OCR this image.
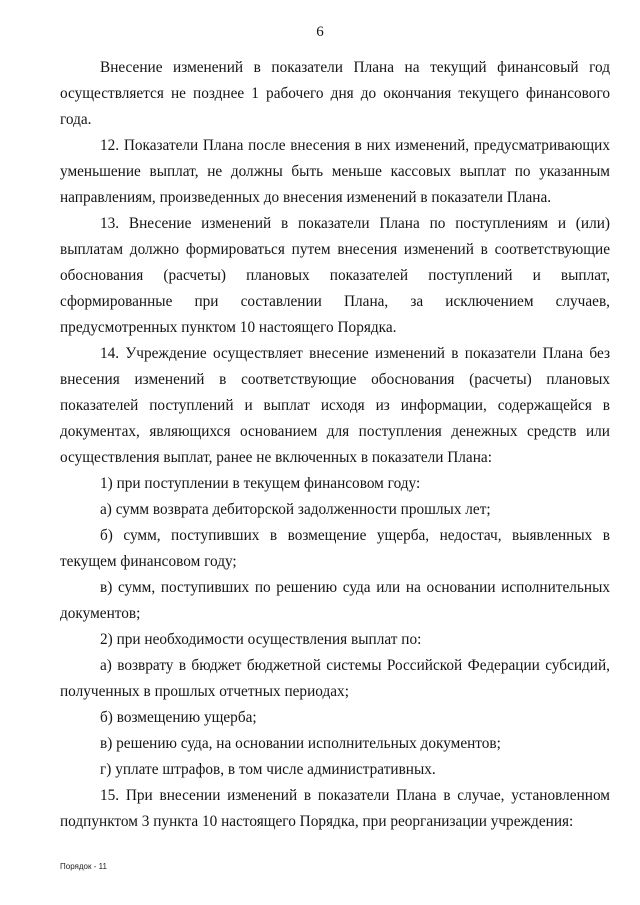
6

Внесение изменений в показатели Плана на текущий финансовый год осуществляется не позднее 1 рабочего дня до окончания текущего финансового года.

12. Показатели Плана после внесения в них изменений, предусматривающих уменьшение выплат, не должны быть меньше кассовых выплат по указанным направлениям, произведенных до внесения изменений в показатели Плана.

13. Внесение изменений в показатели Плана по поступлениям и (или) выплатам должно формироваться путем внесения изменений в соответствующие обоснования (расчеты) плановых показателей поступлений и выплат, сформированные при составлении Плана, за исключением случаев, предусмотренных пунктом 10 настоящего Порядка.

14. Учреждение осуществляет внесение изменений в показатели Плана без внесения изменений в соответствующие обоснования (расчеты) плановых показателей поступлений и выплат исходя из информации, содержащейся в документах, являющихся основанием для поступления денежных средств или осуществления выплат, ранее не включенных в показатели Плана:

1) при поступлении в текущем финансовом году:

а) сумм возврата дебиторской задолженности прошлых лет;

б) сумм, поступивших в возмещение ущерба, недостач, выявленных в текущем финансовом году;

в) сумм, поступивших по решению суда или на основании исполнительных документов;

2) при необходимости осуществления выплат по:

а) возврату в бюджет бюджетной системы Российской Федерации субсидий, полученных в прошлых отчетных периодах;

б) возмещению ущерба;

в) решению суда, на основании исполнительных документов;

г) уплате штрафов, в том числе административных.

15. При внесении изменений в показатели Плана в случае, установленном подпунктом 3 пункта 10 настоящего Порядка, при реорганизации учреждения:

Порядок - 11
